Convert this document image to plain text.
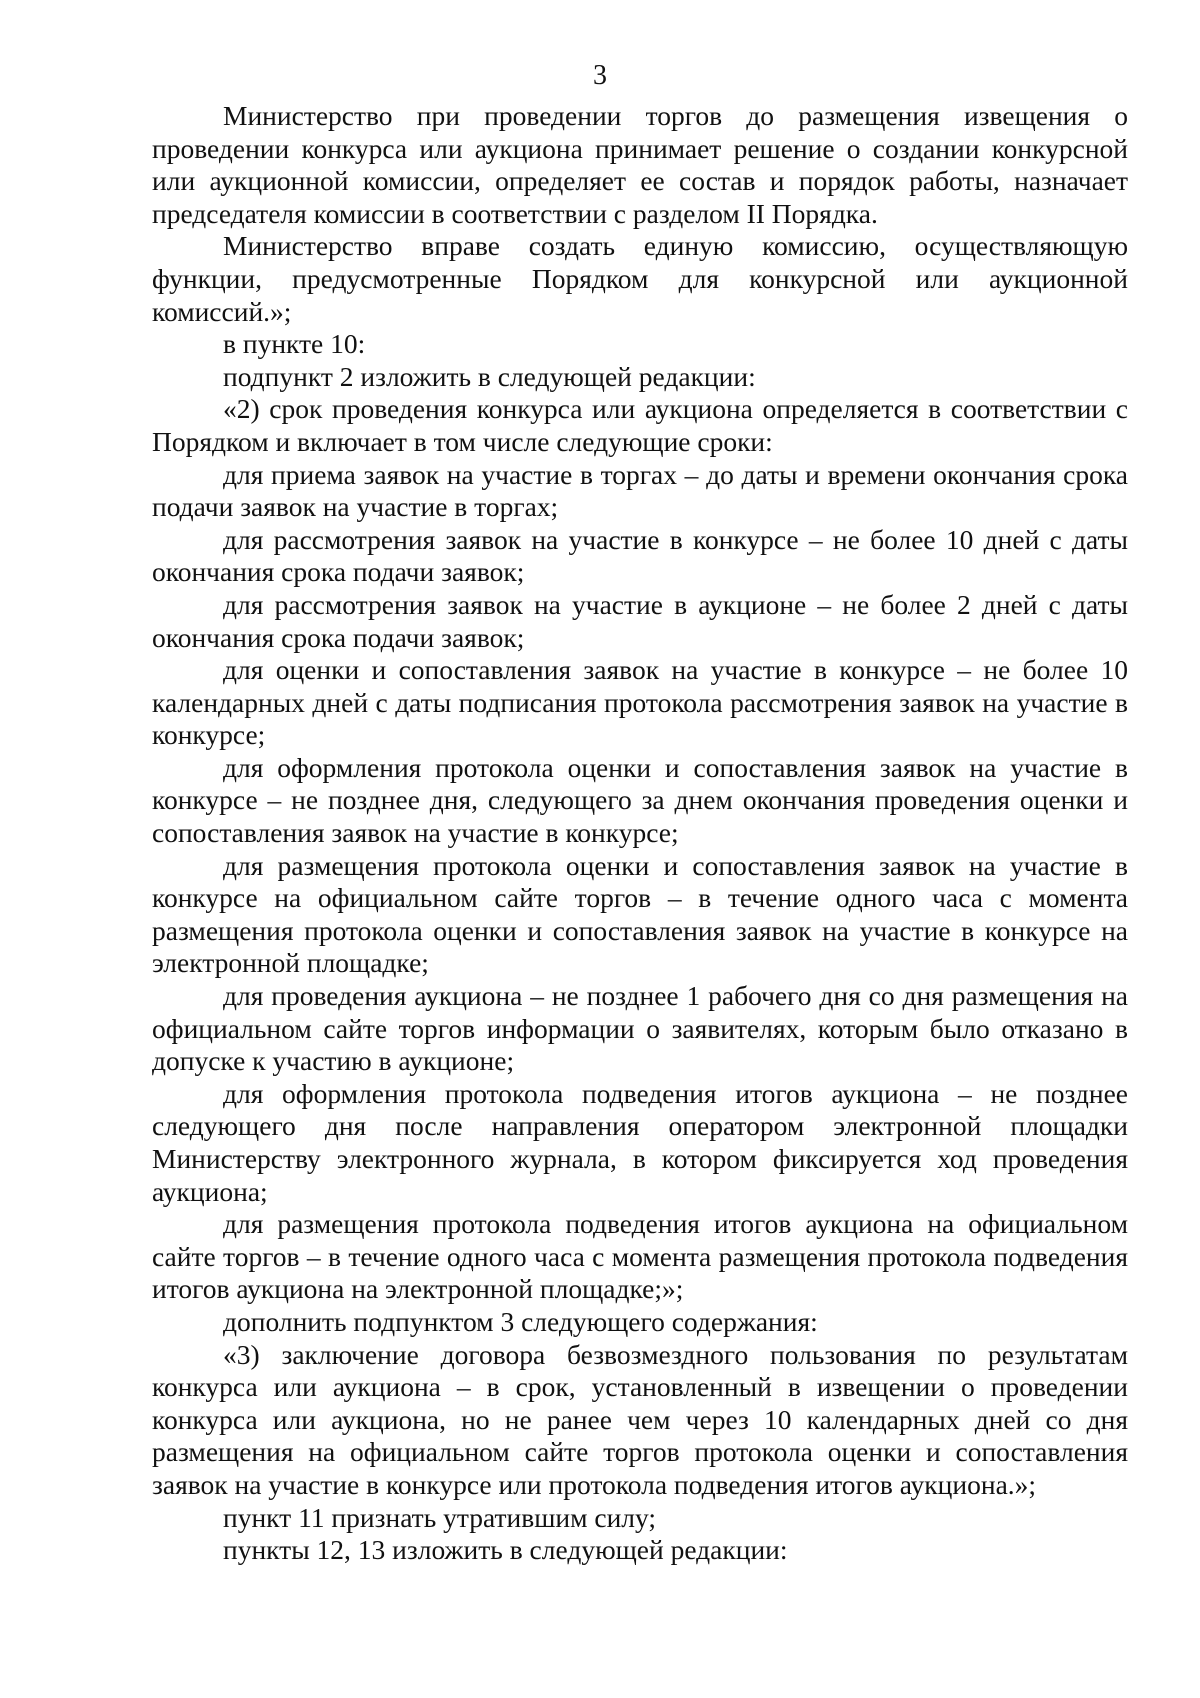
3

Министерство при проведении торгов до размещения извещения о проведении конкурса или аукциона принимает решение о создании конкурсной или аукционной комиссии, определяет ее состав и порядок работы, назначает председателя комиссии в соответствии с разделом II Порядка.

Министерство вправе создать единую комиссию, осуществляющую функции, предусмотренные Порядком для конкурсной или аукционной комиссий.»;

в пункте 10:

подпункт 2 изложить в следующей редакции:

«2) срок проведения конкурса или аукциона определяется в соответствии с Порядком и включает в том числе следующие сроки:

для приема заявок на участие в торгах – до даты и времени окончания срока подачи заявок на участие в торгах;

для рассмотрения заявок на участие в конкурсе – не более 10 дней с даты окончания срока подачи заявок;

для рассмотрения заявок на участие в аукционе – не более 2 дней с даты окончания срока подачи заявок;

для оценки и сопоставления заявок на участие в конкурсе – не более 10 календарных дней с даты подписания протокола рассмотрения заявок на участие в конкурсе;

для оформления протокола оценки и сопоставления заявок на участие в конкурсе – не позднее дня, следующего за днем окончания проведения оценки и сопоставления заявок на участие в конкурсе;

для размещения протокола оценки и сопоставления заявок на участие в конкурсе на официальном сайте торгов – в течение одного часа с момента размещения протокола оценки и сопоставления заявок на участие в конкурсе на электронной площадке;

для проведения аукциона – не позднее 1 рабочего дня со дня размещения на официальном сайте торгов информации о заявителях, которым было отказано в допуске к участию в аукционе;

для оформления протокола подведения итогов аукциона – не позднее следующего дня после направления оператором электронной площадки Министерству электронного журнала, в котором фиксируется ход проведения аукциона;

для размещения протокола подведения итогов аукциона на официальном сайте торгов – в течение одного часа с момента размещения протокола подведения итогов аукциона на электронной площадке;»;

дополнить подпунктом 3 следующего содержания:

«3) заключение договора безвозмездного пользования по результатам конкурса или аукциона – в срок, установленный в извещении о проведении конкурса или аукциона, но не ранее чем через 10 календарных дней со дня размещения на официальном сайте торгов протокола оценки и сопоставления заявок на участие в конкурсе или протокола подведения итогов аукциона.»;

пункт 11 признать утратившим силу;

пункты 12, 13 изложить в следующей редакции:
